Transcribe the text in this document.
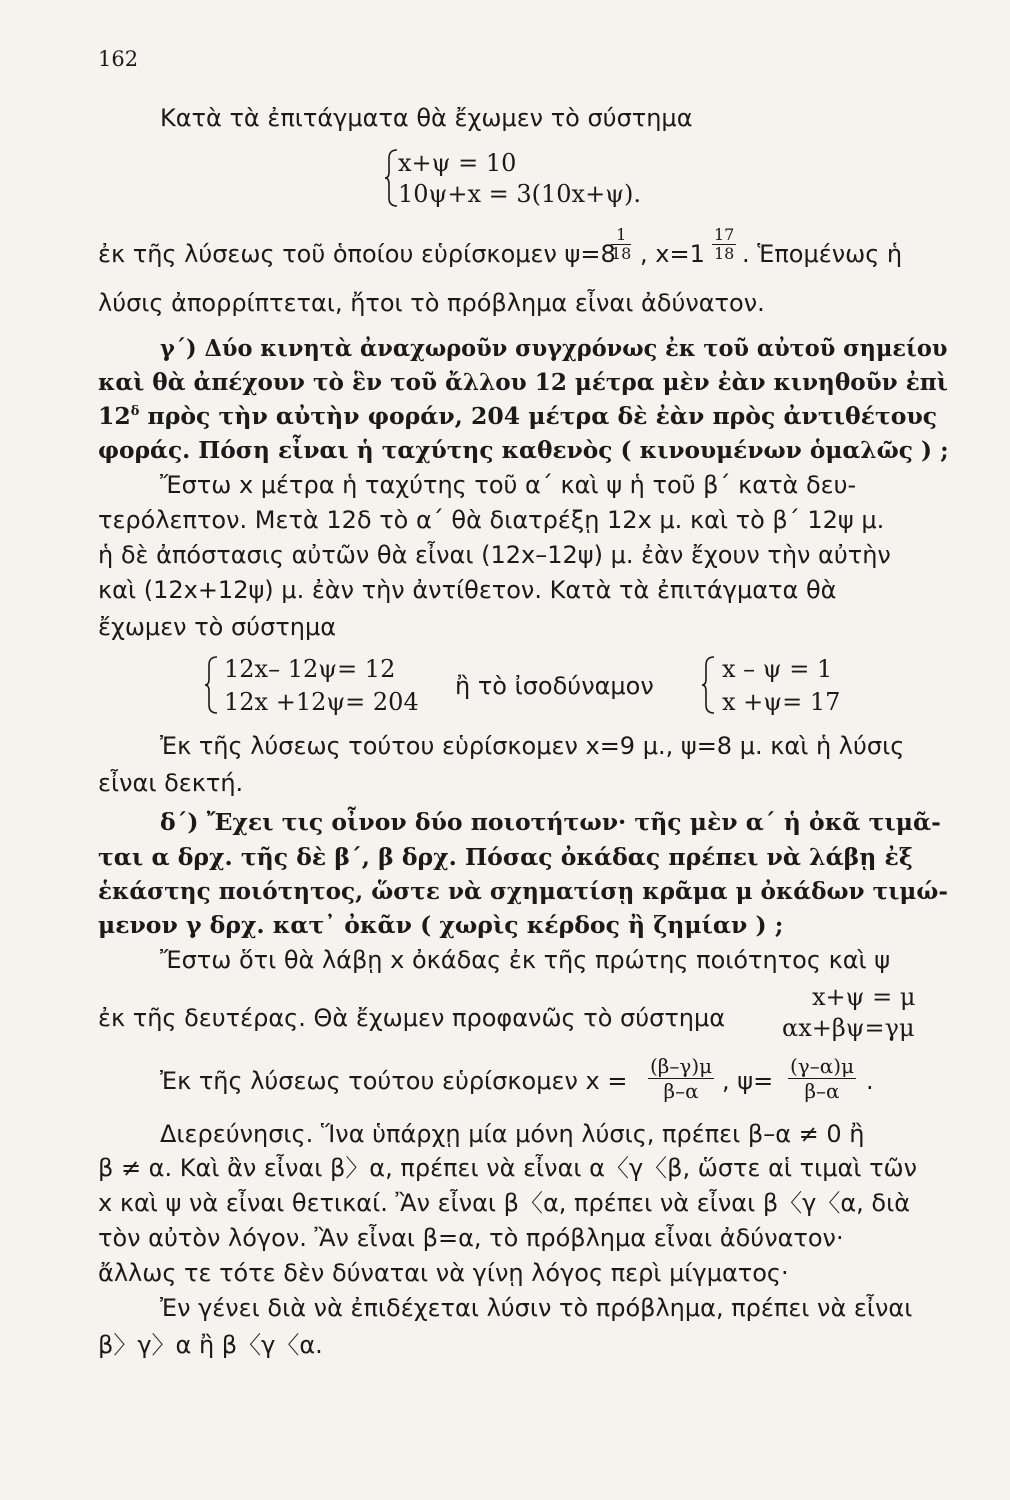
162
Κατὰ τὰ ἐπιτάγματα θὰ ἔχωμεν τὸ σύστημα
x+ψ = 10
10ψ+x = 3(10x+ψ).
ἐκ τῆς λύσεως τοῦ ὁποίου εὑρίσκομεν ψ=8
$\frac{1}{18}$ , $x=1 \frac{17}{18}$ . Ἑπομένως ἡ
λύσις ἀπορρίπτεται, ἤτοι τὸ πρόβλημα εἶναι ἀδύνατον.
γ΄) Δύο κινητὰ ἀναχωροῦν συγχρόνως ἐκ τοῦ αὐτοῦ σημείου
καὶ θὰ ἀπέχουν τὸ ἓν τοῦ ἄλλου 12 μέτρα μὲν ἐὰν κινηθοῦν ἐπὶ
$12^\delta$ πρὸς τὴν αὐτὴν φοράν, 204 μέτρα δὲ ἐὰν πρὸς ἀντιθέτους
φοράς. Πόση εἶναι ἡ ταχύτης καθενὸς ( κινουμένων ὁμαλῶς ) ;
Ἔστω x μέτρα ἡ ταχύτης τοῦ α΄ καὶ ψ ἡ τοῦ β΄ κατὰ δευ-
τερόλεπτον. Μετὰ 12δ τὸ α΄ θὰ διατρέξῃ 12x μ. καὶ τὸ β΄ 12ψ μ.
ἡ δὲ ἀπόστασις αὐτῶν θὰ εἶναι (12x–12ψ) μ. ἐὰν ἔχουν τὴν αὐτὴν
καὶ (12x+12ψ) μ. ἐὰν τὴν ἀντίθετον. Κατὰ τὰ ἐπιτάγματα θὰ
ἔχωμεν τὸ σύστημα
12x– 12ψ= 12
12x +12ψ= 204
ἢ τὸ ἰσοδύναμον
x – ψ = 1
x +ψ= 17
Ἐκ τῆς λύσεως τούτου εὑρίσκομεν x=9 μ., ψ=8 μ. καὶ ἡ λύσις
εἶναι δεκτή.
δ΄) Ἔχει τις οἶνον δύο ποιοτήτων· τῆς μὲν α΄ ἡ ὀκᾶ τιμᾶ-
ται α δρχ. τῆς δὲ β΄, β δρχ. Πόσας ὀκάδας πρέπει νὰ λάβῃ ἐξ
ἑκάστης ποιότητος, ὥστε νὰ σχηματίσῃ κρᾶμα μ ὀκάδων τιμώ-
μενον γ δρχ. κατ᾽ ὀκᾶν ( χωρὶς κέρδος ἢ ζημίαν ) ;
Ἔστω ὅτι θὰ λάβῃ x ὀκάδας ἐκ τῆς πρώτης ποιότητος καὶ ψ
ἐκ τῆς δευτέρας. Θὰ ἔχωμεν προφανῶς τὸ σύστημα
x+ψ = μ
αx+βψ=γμ
Ἐκ τῆς λύσεως τούτου εὑρίσκομεν $x = \frac{(\beta-\gamma)\mu}{\beta-\alpha}$ , $\psi= \frac{(\gamma-\alpha)\mu}{\beta-\alpha}$ .
Διερεύνησις. Ἵνα ὑπάρχῃ μία μόνη λύσις, πρέπει β–α ≠ 0 ἢ
β ≠ α. Καὶ ἂν εἶναι β〉α, πρέπει νὰ εἶναι α〈γ〈β, ὥστε αἱ τιμαὶ τῶν
x καὶ ψ νὰ εἶναι θετικαί. Ἂν εἶναι β〈α, πρέπει νὰ εἶναι β〈γ〈α, διὰ
τὸν αὐτὸν λόγον. Ἂν εἶναι β=α, τὸ πρόβλημα εἶναι ἀδύνατον·
ἄλλως τε τότε δὲν δύναται νὰ γίνῃ λόγος περὶ μίγματος·
Ἐν γένει διὰ νὰ ἐπιδέχεται λύσιν τὸ πρόβλημα, πρέπει νὰ εἶναι
β〉γ〉α ἢ β〈γ〈α.
